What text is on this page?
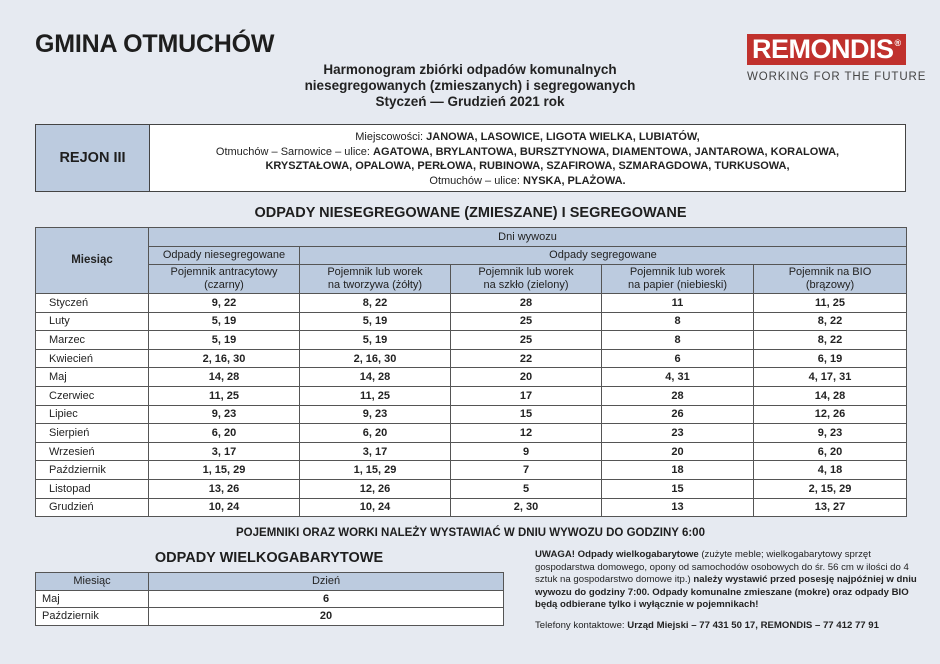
GMINA OTMUCHÓW
Harmonogram zbiórki odpadów komunalnych
niesegregowanych (zmieszanych) i segregowanych
Styczeń — Grudzień 2021 rok
REMONDIS®
WORKING FOR THE FUTURE
REJON III
Miejscowości: JANOWA, LASOWICE, LIGOTA WIELKA, LUBIATÓW,
Otmuchów – Sarnowice – ulice: AGATOWA, BRYLANTOWA, BURSZTYNOWA, DIAMENTOWA, JANTAROWA, KORALOWA,
KRYSZTAŁOWA, OPALOWA, PERŁOWA, RUBINOWA, SZAFIROWA, SZMARAGDOWA, TURKUSOWA,
Otmuchów – ulice: NYSKA, PLAŻOWA.
ODPADY NIESEGREGOWANE (ZMIESZANE) I SEGREGOWANE
Miesiąc	Dni wywozu				
	Odpady niesegregowane	Odpady segregowane			

Pojemnik antracytowy
(czarny)

Pojemnik lub worek
na tworzywa (żółty)

Pojemnik lub worek
na szkło (zielony)

Pojemnik lub worek
na papier (niebieski)

Pojemnik na BIO
(brązowy)

Styczeń	9, 22	8, 22	28	11	11, 25
Luty	5, 19	5, 19	25	8	8, 22
Marzec	5, 19	5, 19	25	8	8, 22
Kwiecień	2, 16, 30	2, 16, 30	22	6	6, 19
Maj	14, 28	14, 28	20	4, 31	4, 17, 31
Czerwiec	11, 25	11, 25	17	28	14, 28
Lipiec	9, 23	9, 23	15	26	12, 26
Sierpień	6, 20	6, 20	12	23	9, 23
Wrzesień	3, 17	3, 17	9	20	6, 20
Październik	1, 15, 29	1, 15, 29	7	18	4, 18
Listopad	13, 26	12, 26	5	15	2, 15, 29
Grudzień	10, 24	10, 24	2, 30	13	13, 27
POJEMNIKI ORAZ WORKI NALEŻY WYSTAWIAĆ W DNIU WYWOZU DO GODZINY 6:00
ODPADY WIELKOGABARYTOWE
Miesiąc	Dzień
Maj	6
Październik	20
UWAGA! Odpady wielkogabarytowe (zużyte meble; wielkogabarytowy sprzęt gospodarstwa domowego, opony od samochodów osobowych do śr. 56 cm w ilości do 4 sztuk na gospodarstwo domowe itp.) należy wystawić przed posesję najpóźniej w dniu wywozu do godziny 7:00. Odpady komunalne zmieszane (mokre) oraz odpady BIO będą odbierane tylko i wyłącznie w pojemnikach!
Telefony kontaktowe: Urząd Miejski – 77 431 50 17, REMONDIS – 77 412 77 91
